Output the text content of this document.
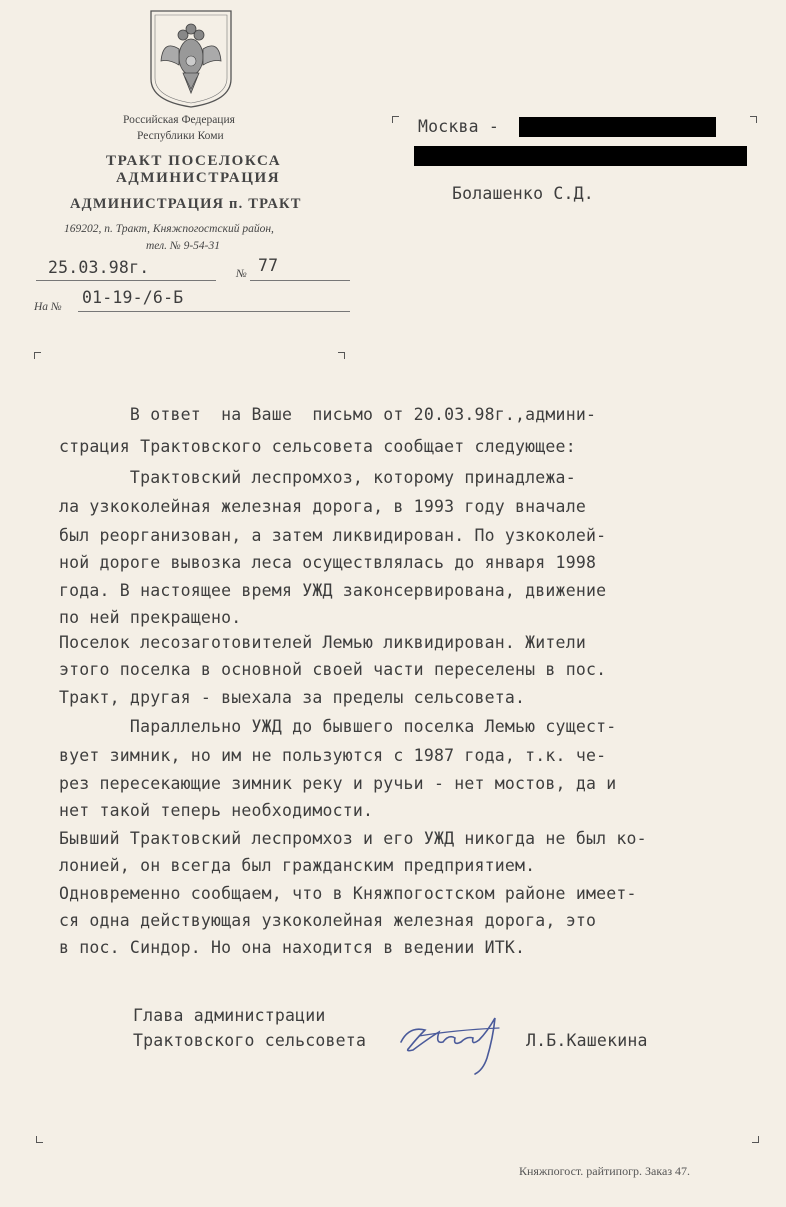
Российская Федерация
Республики Коми
ТРАКТ ПОСЕЛОКСА
АДМИНИСТРАЦИЯ
АДМИНИСТРАЦИЯ п. ТРАКТ
169202, п. Тракт, Княжпогостский район,
тел. № 9-54-31
25.03.98г.	№ 77
На № 01-19-/6-Б
Москва -
Болашенко С.Д.
В ответ  на Ваше  письмо от 20.03.98г.,админи-
страция Трактовского сельсовета сообщает следующее:
Трактовский леспромхоз, которому принадлежа-
ла узкоколейная железная дорога, в 1993 году вначале
был реорганизован, а затем ликвидирован. По узкоколей-
ной дороге вывозка леса осуществлялась до января 1998
года. В настоящее время УЖД законсервирована, движение
по ней прекращено.
Поселок лесозаготовителей Лемью ликвидирован. Жители
этого поселка в основной своей части переселены в пос.
Тракт, другая - выехала за пределы сельсовета.
Параллельно УЖД до бывшего поселка Лемью сущест-
вует зимник, но им не пользуются с 1987 года, т.к. че-
рез пересекающие зимник реку и ручьи - нет мостов, да и
нет такой теперь необходимости.
Бывший Трактовский леспромхоз и его УЖД никогда не был ко-
лонией, он всегда был гражданским предприятием.
Одновременно сообщаем, что в Княжпогостском районе имеет-
ся одна действующая узкоколейная железная дорога, это
в пос. Синдор. Но она находится в ведении ИТК.
Глава администрации
Трактовского сельсовета	Л.Б.Кашекина
Княжпогост. райтипогр. Заказ 47.
